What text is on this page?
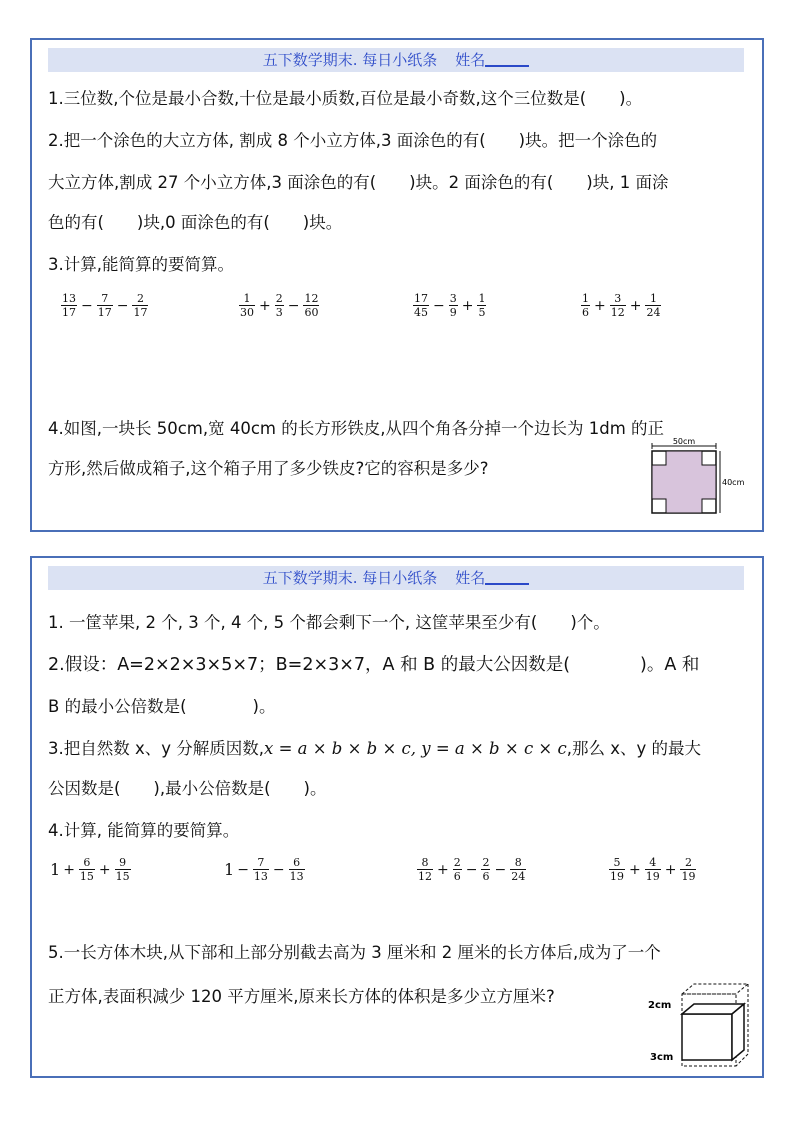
五下数学期末. 每日小纸条 姓名
1.三位数,个位是最小合数,十位是最小质数,百位是最小奇数,这个三位数是(　　)。
2.把一个涂色的大立方体, 割成 8 个小立方体,3 面涂色的有(　　)块。把一个涂色的
大立方体,割成 27 个小立方体,3 面涂色的有(　　)块。2 面涂色的有(　　)块, 1 面涂
色的有(　　)块,0 面涂色的有(　　)块。
3.计算,能简算的要简算。
$\frac{13}{17} - \frac{7}{17} - \frac{2}{17}$	$\frac{1}{30} + \frac{2}{3} - \frac{12}{60}$	$\frac{17}{45} - \frac{3}{9} + \frac{1}{5}$	$\frac{1}{6} + \frac{3}{12} + \frac{1}{24}$
4.如图,一块长 50cm,宽 40cm 的长方形铁皮,从四个角各分掉一个边长为 1dm 的正
方形,然后做成箱子,这个箱子用了多少铁皮?它的容积是多少?
50cm
40cm
五下数学期末. 每日小纸条 姓名
1. 一筐苹果, 2 个, 3 个, 4 个, 5 个都会剩下一个, 这筐苹果至少有(　　)个。
2.假设：A=2×2×3×5×7；B=2×3×7，A 和 B 的最大公因数是(　　　　)。A 和
B 的最小公倍数是(　　　　)。
3.把自然数 x、y 分解质因数,x = a × b × b × c, y = a × b × c × c,那么 x、y 的最大
公因数是(　　),最小公倍数是(　　)。
4.计算, 能简算的要简算。
$1 + \frac{6}{15} + \frac{9}{15}$	$1 - \frac{7}{13} - \frac{6}{13}$	$\frac{8}{12} + \frac{2}{6} - \frac{2}{6} - \frac{8}{24}$	$\frac{5}{19} + \frac{4}{19} + \frac{2}{19}$
5.一长方体木块,从下部和上部分别截去高为 3 厘米和 2 厘米的长方体后,成为了一个
正方体,表面积减少 120 平方厘米,原来长方体的体积是多少立方厘米?	2cm
3cm
